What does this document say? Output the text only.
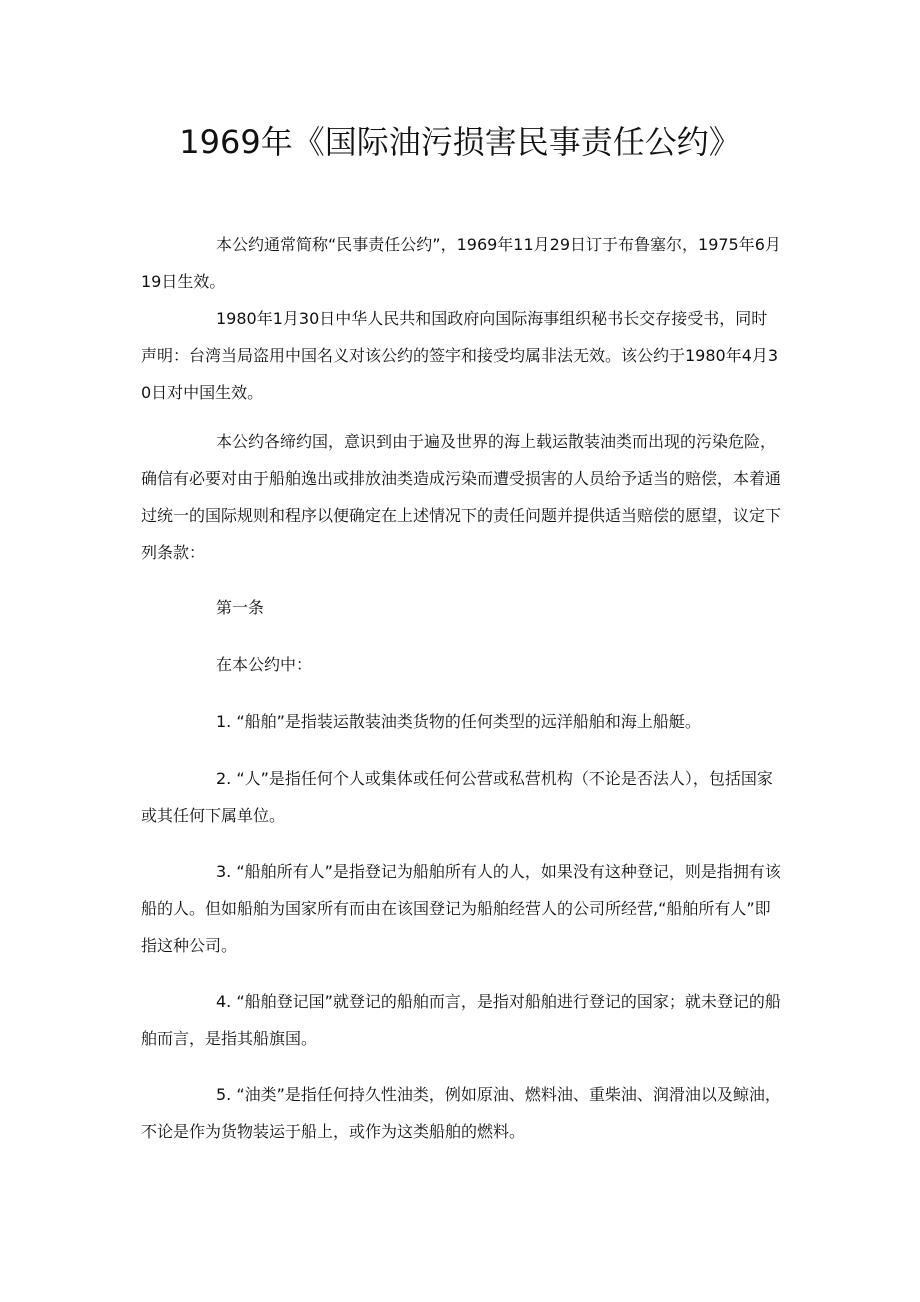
1969年《国际油污损害民事责任公约》

本公约通常简称“民事责任公约”，1969年11月29日订于布鲁塞尔，1975年6月19日生效。

1980年1月30日中华人民共和国政府向国际海事组织秘书长交存接受书，同时声明：台湾当局盗用中国名义对该公约的签宇和接受均属非法无效。该公约于1980年4月30日对中国生效。

本公约各缔约国，意识到由于遍及世界的海上载运散装油类而出现的污染危险，确信有必要对由于船舶逸出或排放油类造成污染而遭受损害的人员给予适当的赔偿，本着通过统一的国际规则和程序以便确定在上述情况下的责任问题并提供适当赔偿的愿望，议定下列条款：

第一条

在本公约中：

1. “船舶”是指装运散装油类货物的任何类型的远洋船舶和海上船艇。

2. “人”是指任何个人或集体或任何公营或私营机构（不论是否法人），包括国家或其任何下属单位。

3. “船舶所有人”是指登记为船舶所有人的人，如果没有这种登记，则是指拥有该船的人。但如船舶为国家所有而由在该国登记为船舶经营人的公司所经营,“船舶所有人”即指这种公司。

4. “船舶登记国”就登记的船舶而言，是指对船舶进行登记的国家；就未登记的船舶而言，是指其船旗国。

5. “油类”是指任何持久性油类，例如原油、燃料油、重柴油、润滑油以及鲸油，不论是作为货物装运于船上，或作为这类船舶的燃料。
